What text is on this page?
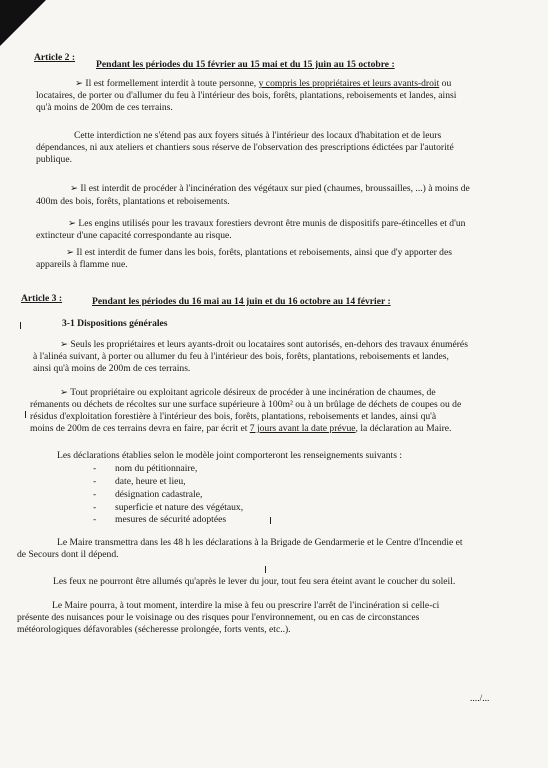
Article 2 :
Pendant les périodes du 15 février au 15 mai et du 15 juin au 15 octobre :
➢ Il est formellement interdit à toute personne, y compris les propriétaires et leurs avants-droit ou
locataires, de porter ou d'allumer du feu à l'intérieur des bois, forêts, plantations, reboisements et landes, ainsi
qu'à moins de 200m de ces terrains.
Cette interdiction ne s'étend pas aux foyers situés à l'intérieur des locaux d'habitation et de leurs
dépendances, ni aux ateliers et chantiers sous réserve de l'observation des prescriptions édictées par l'autorité
publique.
➢ Il est interdit de procéder à l'incinération des végétaux sur pied (chaumes, broussailles, ...) à moins de
400m des bois, forêts, plantations et reboisements.
➢ Les engins utilisés pour les travaux forestiers devront être munis de dispositifs pare-étincelles et d'un
extincteur d'une capacité correspondante au risque.
➢ Il est interdit de fumer dans les bois, forêts, plantations et reboisements, ainsi que d'y apporter des
appareils à flamme nue.
Article 3 :	Pendant les périodes du 16 mai au 14 juin et du 16 octobre au 14 février :
3-1 Dispositions générales
➢ Seuls les propriétaires et leurs ayants-droit ou locataires sont autorisés, en-dehors des travaux énumérés
à l'alinéa suivant, à porter ou allumer du feu à l'intérieur des bois, forêts, plantations, reboisements et landes,
ainsi qu'à moins de 200m de ces terrains.
➢ Tout propriétaire ou exploitant agricole désireux de procéder à une incinération de chaumes, de
rémanents ou déchets de récoltes sur une surface supérieure à 100m² ou à un brûlage de déchets de coupes ou de
résidus d'exploitation forestière à l'intérieur des bois, forêts, plantations, reboisements et landes, ainsi qu'à
moins de 200m de ces terrains devra en faire, par écrit et 7 jours avant la date prévue, la déclaration au Maire.
Les déclarations établies selon le modèle joint comporteront les renseignements suivants :
- nom du pétitionnaire,
- date, heure et lieu,
- désignation cadastrale,
- superficie et nature des végétaux,
- mesures de sécurité adoptées
Le Maire transmettra dans les 48 h les déclarations à la Brigade de Gendarmerie et le Centre d'Incendie et
de Secours dont il dépend.
Les feux ne pourront être allumés qu'après le lever du jour, tout feu sera éteint avant le coucher du soleil.
Le Maire pourra, à tout moment, interdire la mise à feu ou prescrire l'arrêt de l'incinération si celle-ci
présente des nuisances pour le voisinage ou des risques pour l'environnement, ou en cas de circonstances
météorologiques défavorables (sécheresse prolongée, forts vents, etc..).
..../...
